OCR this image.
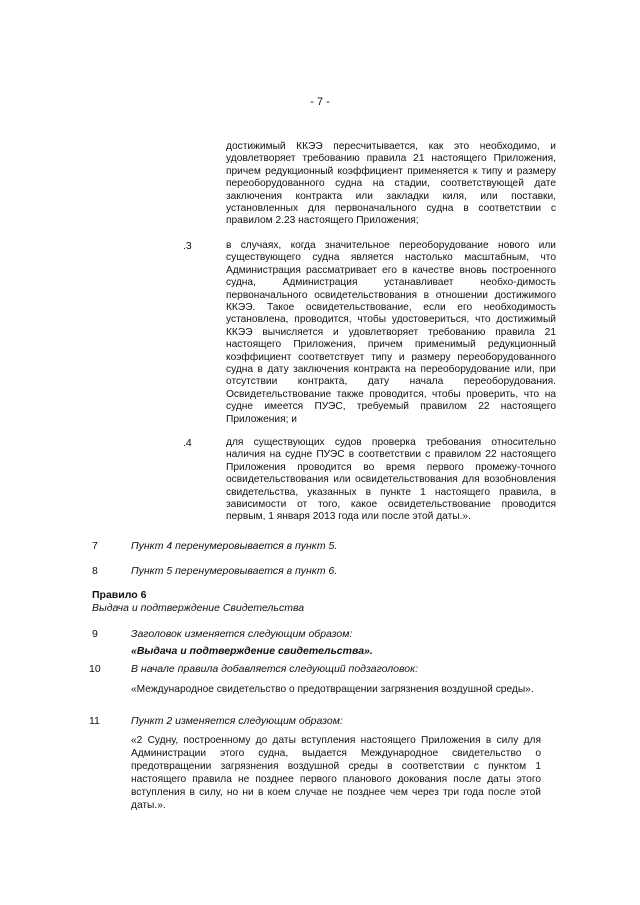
- 7 -
достижимый ККЭЭ пересчитывается, как это необходимо, и удовлетворяет требованию правила 21 настоящего Приложения, причем редукционный коэффициент применяется к типу и размеру переоборудованного судна на стадии, соответствующей дате заключения контракта или закладки киля, или поставки, установленных для первоначального судна в соответствии с правилом 2.23 настоящего Приложения;
.3	в случаях, когда значительное переоборудование нового или существующего судна является настолько масштабным, что Администрация рассматривает его в качестве вновь построенного судна, Администрация устанавливает необхо-димость первоначального освидетельствования в отношении достижимого ККЭЭ. Такое освидетельствование, если его необходимость установлена, проводится, чтобы удостовериться, что достижимый ККЭЭ вычисляется и удовлетворяет требованию правила 21 настоящего Приложения, причем применимый редукционный коэффициент соответствует типу и размеру переоборудованного судна в дату заключения контракта на переоборудование или, при отсутствии контракта, дату начала переоборудования. Освидетельствование также проводится, чтобы проверить, что на судне имеется ПУЭС, требуемый правилом 22 настоящего Приложения; и
.4	для существующих судов проверка требования относительно наличия на судне ПУЭС в соответствии с правилом 22 настоящего Приложения проводится во время первого промежу-точного освидетельствования или освидетельствования для возобновления свидетельства, указанных в пункте 1 настоящего правила, в зависимости от того, какое освидетельствование проводится первым, 1 января 2013 года или после этой даты.».
7	Пункт 4 перенумеровывается в пункт 5.
8	Пункт 5 перенумеровывается в пункт 6.
Правило 6
Выдача и подтверждение Свидетельства
9	Заголовок изменяется следующим образом:
«Выдача и подтверждение свидетельства».
10	В начале правила добавляется следующий подзаголовок:
«Международное свидетельство о предотвращении загрязнения воздушной среды».
11	Пункт 2 изменяется следующим образом:
«2 Судну, построенному до даты вступления настоящего Приложения в силу для Администрации этого судна, выдается Международное свидетельство о предотвращении загрязнения воздушной среды в соответствии с пунктом 1 настоящего правила не позднее первого планового докования после даты этого вступления в силу, но ни в коем случае не позднее чем через три года после этой даты.».
